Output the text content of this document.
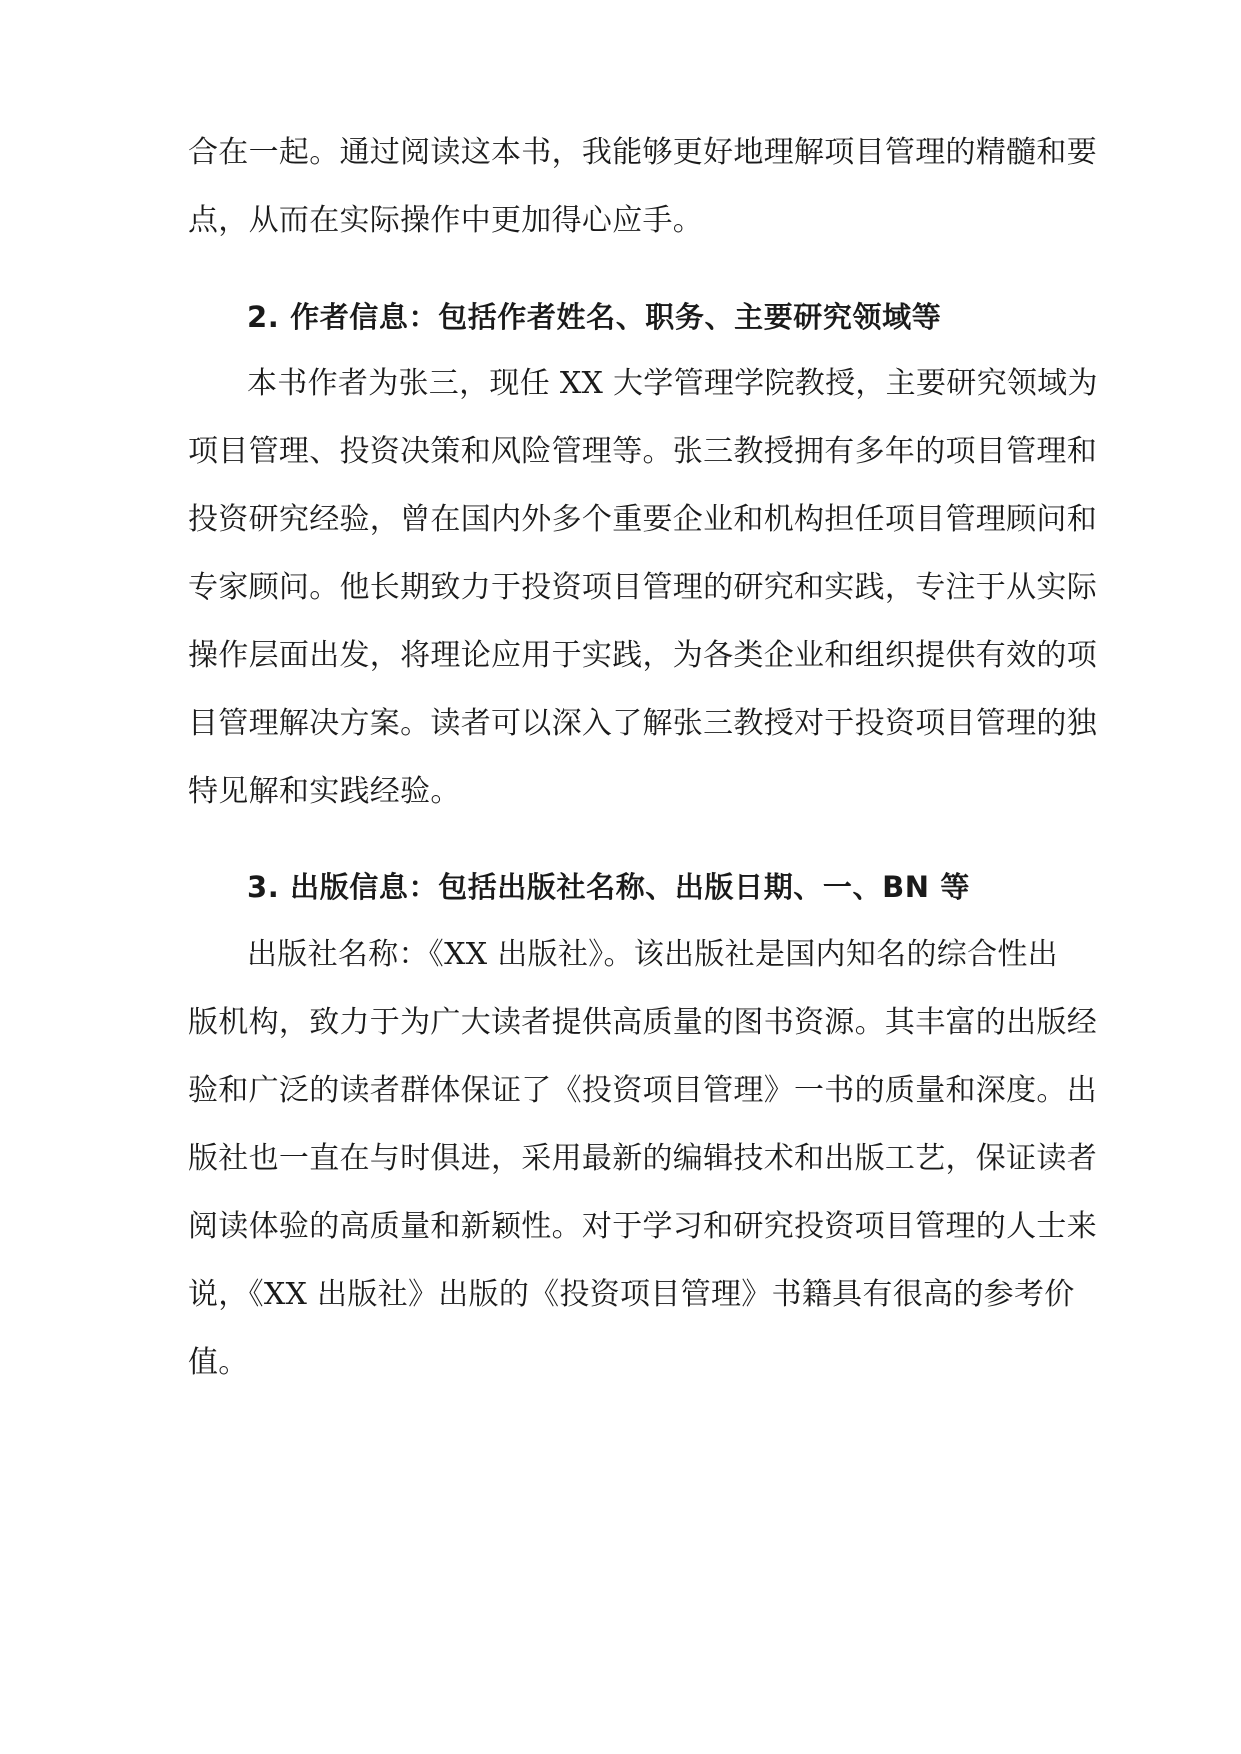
合在一起。通过阅读这本书，我能够更好地理解项目管理的精髓和要
点，从而在实际操作中更加得心应手。
2. 作者信息：包括作者姓名、职务、主要研究领域等
本书作者为张三，现任 XX 大学管理学院教授，主要研究领域为
项目管理、投资决策和风险管理等。张三教授拥有多年的项目管理和
投资研究经验，曾在国内外多个重要企业和机构担任项目管理顾问和
专家顾问。他长期致力于投资项目管理的研究和实践，专注于从实际
操作层面出发，将理论应用于实践，为各类企业和组织提供有效的项
目管理解决方案。读者可以深入了解张三教授对于投资项目管理的独
特见解和实践经验。
3. 出版信息：包括出版社名称、出版日期、一、BN 等
出版社名称：《XX 出版社》。该出版社是国内知名的综合性出
版机构，致力于为广大读者提供高质量的图书资源。其丰富的出版经
验和广泛的读者群体保证了《投资项目管理》一书的质量和深度。出
版社也一直在与时俱进，采用最新的编辑技术和出版工艺，保证读者
阅读体验的高质量和新颖性。对于学习和研究投资项目管理的人士来
说，《XX 出版社》出版的《投资项目管理》书籍具有很高的参考价
值。
